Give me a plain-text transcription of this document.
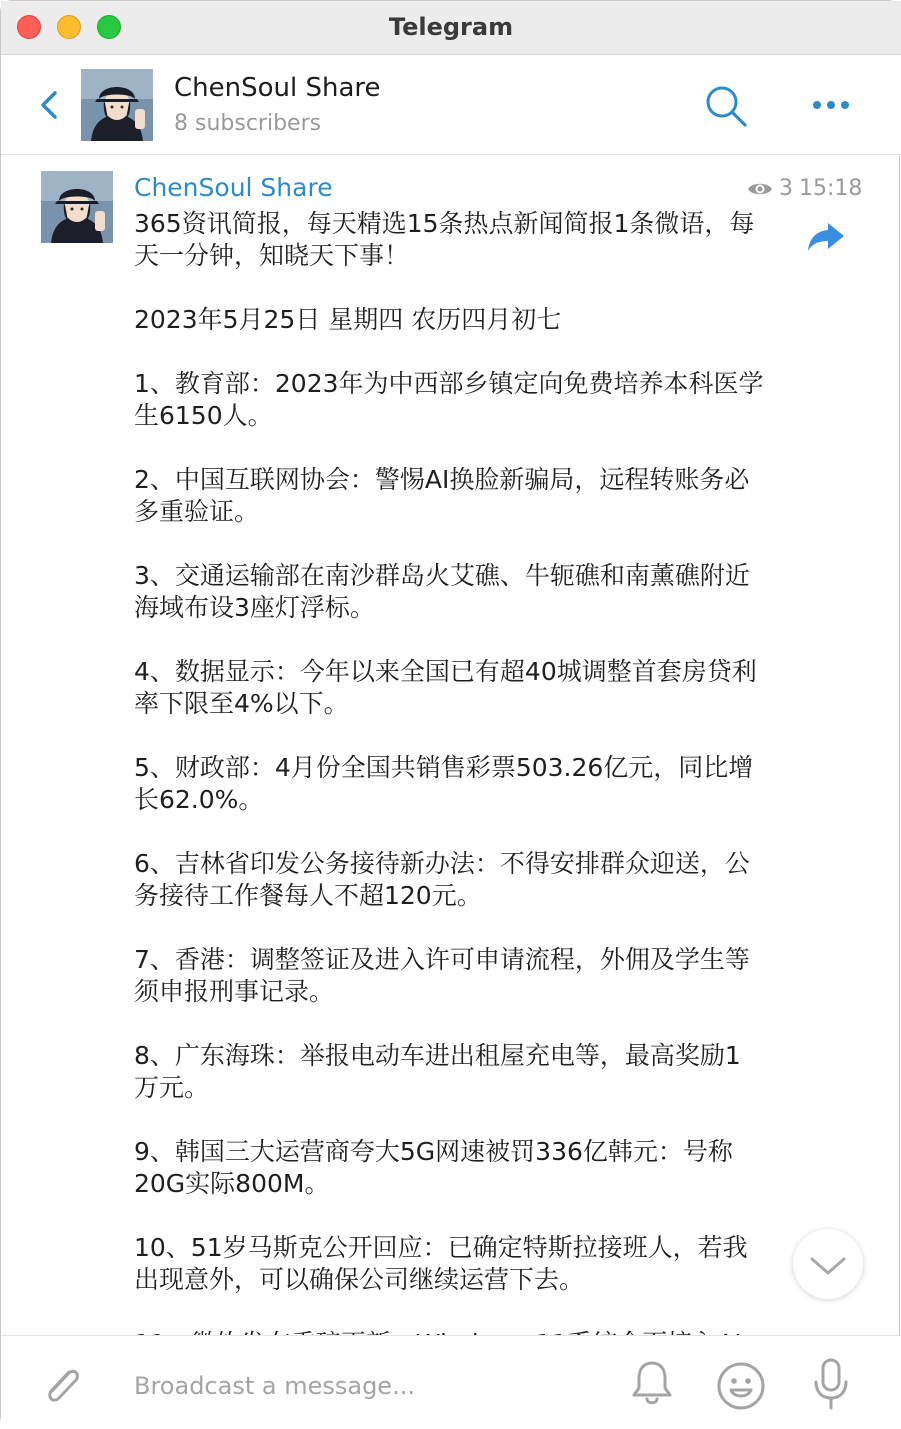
Telegram
ChenSoul Share
8 subscribers
ChenSoul Share	3 15:18
365资讯简报，每天精选15条热点新闻简报1条微语，每天一分钟，知晓天下事！
2023年5月25日 星期四 农历四月初七
1、教育部：2023年为中西部乡镇定向免费培养本科医学生6150人。
2、中国互联网协会：警惕AI换脸新骗局，远程转账务必多重验证。
3、交通运输部在南沙群岛火艾礁、牛轭礁和南薰礁附近海域布设3座灯浮标。
4、数据显示：今年以来全国已有超40城调整首套房贷利率下限至4%以下。
5、财政部：4月份全国共销售彩票503.26亿元，同比增长62.0%。
6、吉林省印发公务接待新办法：不得安排群众迎送，公务接待工作餐每人不超120元。
7、香港：调整签证及进入许可申请流程，外佣及学生等须申报刑事记录。
8、广东海珠：举报电动车进出租屋充电等，最高奖励1万元。
9、韩国三大运营商夸大5G网速被罚336亿韩元：号称20G实际800M。
10、51岁马斯克公开回应：已确定特斯拉接班人，若我出现意外，可以确保公司继续运营下去。
Broadcast a message...
